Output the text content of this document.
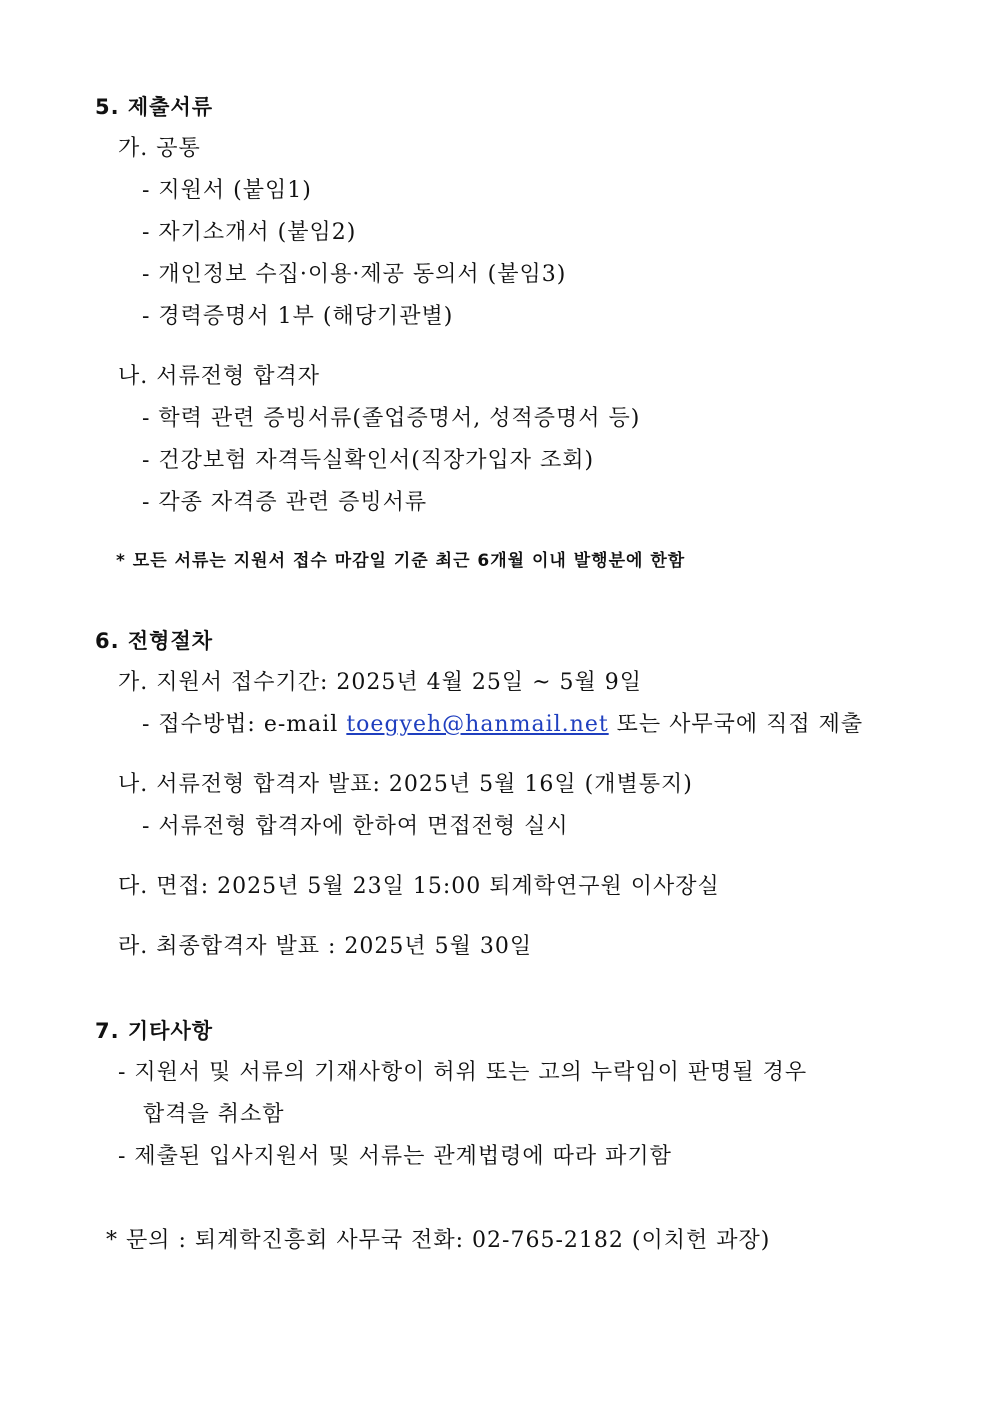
5. 제출서류
가. 공통
- 지원서 (붙임1)
- 자기소개서 (붙임2)
- 개인정보 수집·이용·제공 동의서 (붙임3)
- 경력증명서 1부 (해당기관별)
나. 서류전형 합격자
- 학력 관련 증빙서류(졸업증명서, 성적증명서 등)
- 건강보험 자격득실확인서(직장가입자 조회)
- 각종 자격증 관련 증빙서류
* 모든 서류는 지원서 접수 마감일 기준 최근 6개월 이내 발행분에 한함
6. 전형절차
가. 지원서 접수기간: 2025년 4월 25일 ~ 5월 9일
- 접수방법: e-mail toegyeh@hanmail.net 또는 사무국에 직접 제출
나. 서류전형 합격자 발표: 2025년 5월 16일 (개별통지)
- 서류전형 합격자에 한하여 면접전형 실시
다. 면접: 2025년 5월 23일 15:00 퇴계학연구원 이사장실
라. 최종합격자 발표 : 2025년 5월 30일
7. 기타사항
- 지원서 및 서류의 기재사항이 허위 또는 고의 누락임이 판명될 경우
합격을 취소함
- 제출된 입사지원서 및 서류는 관계법령에 따라 파기함
* 문의 : 퇴계학진흥회 사무국 전화: 02-765-2182 (이치헌 과장)
